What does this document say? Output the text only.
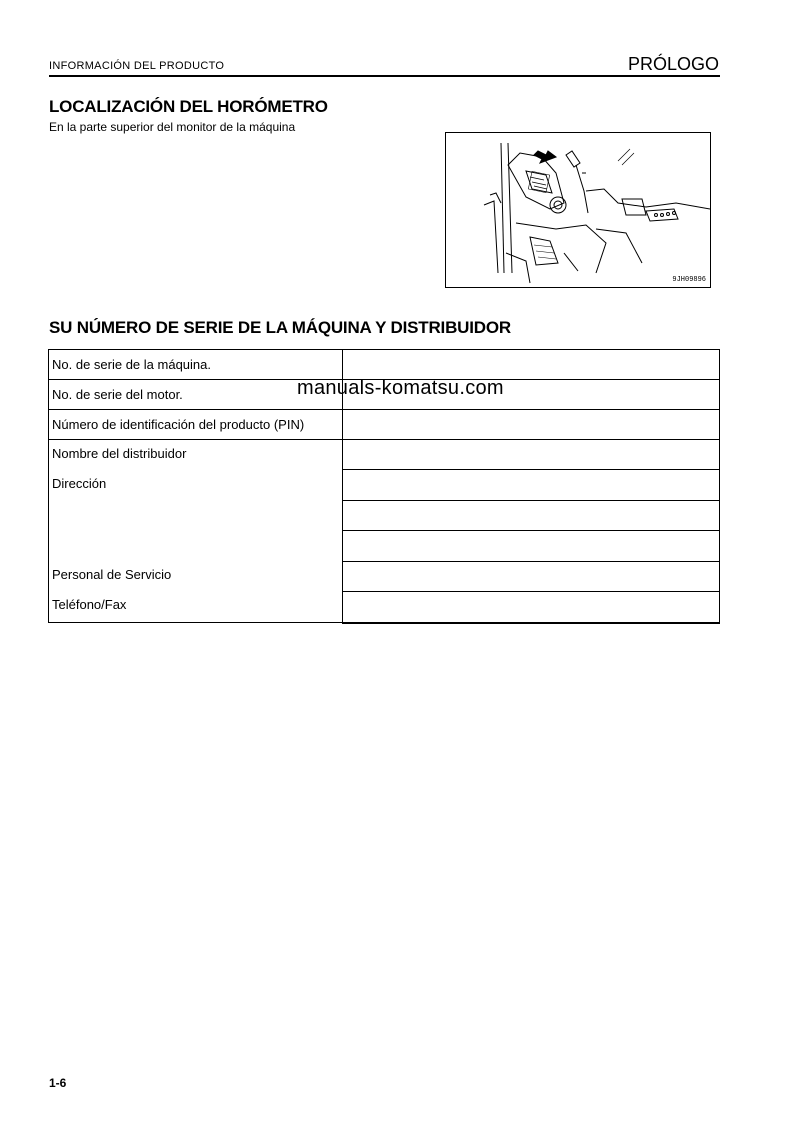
INFORMACIÓN DEL PRODUCTO	PRÓLOGO
LOCALIZACIÓN DEL HORÓMETRO
En la parte superior del monitor de la máquina
9JH09896
SU NÚMERO DE SERIE DE LA MÁQUINA Y DISTRIBUIDOR
No. de serie de la máquina.	
No. de serie del motor.	
Número de identificación del producto (PIN)	

Nombre del distribuidor
Dirección
Personal de Servicio
Teléfono/Fax	

manuals-komatsu.com
1-6
